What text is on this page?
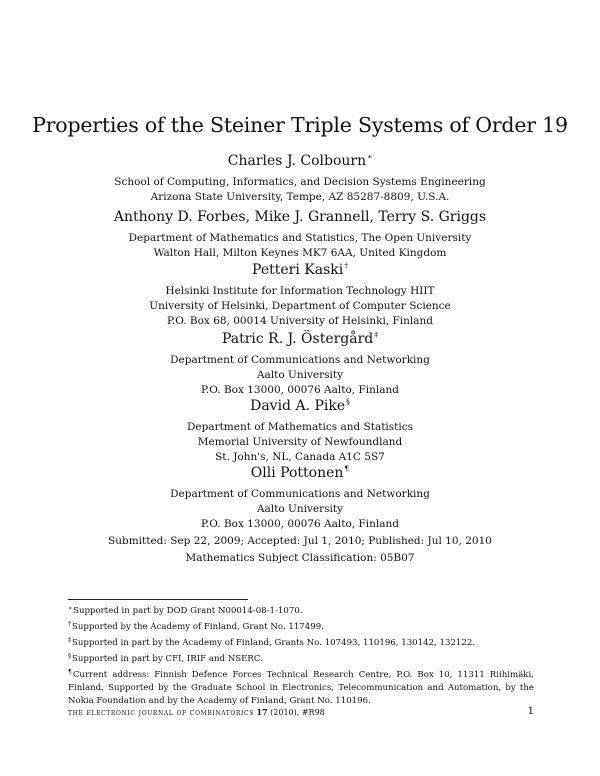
Properties of the Steiner Triple Systems of Order 19
Charles J. Colbourn∗
School of Computing, Informatics, and Decision Systems Engineering
Arizona State University, Tempe, AZ 85287-8809, U.S.A.
Anthony D. Forbes, Mike J. Grannell, Terry S. Griggs
Department of Mathematics and Statistics, The Open University
Walton Hall, Milton Keynes MK7 6AA, United Kingdom
Petteri Kaski†
Helsinki Institute for Information Technology HIIT
University of Helsinki, Department of Computer Science
P.O. Box 68, 00014 University of Helsinki, Finland
Patric R. J. Östergård‡
Department of Communications and Networking
Aalto University
P.O. Box 13000, 00076 Aalto, Finland
David A. Pike§
Department of Mathematics and Statistics
Memorial University of Newfoundland
St. John's, NL, Canada A1C 5S7
Olli Pottonen¶
Department of Communications and Networking
Aalto University
P.O. Box 13000, 00076 Aalto, Finland
Submitted: Sep 22, 2009; Accepted: Jul 1, 2010; Published: Jul 10, 2010
Mathematics Subject Classification: 05B07
∗Supported in part by DOD Grant N00014-08-1-1070.
†Supported by the Academy of Finland, Grant No. 117499.
‡Supported in part by the Academy of Finland, Grants No. 107493, 110196, 130142, 132122.
§Supported in part by CFI, IRIF and NSERC.
¶Current address: Finnish Defence Forces Technical Research Centre, P.O. Box 10, 11311 Riihimäki, Finland. Supported by the Graduate School in Electronics, Telecommunication and Automation, by the Nokia Foundation and by the Academy of Finland, Grant No. 110196.
the electronic journal of combinatorics 17 (2010), #R98	1
